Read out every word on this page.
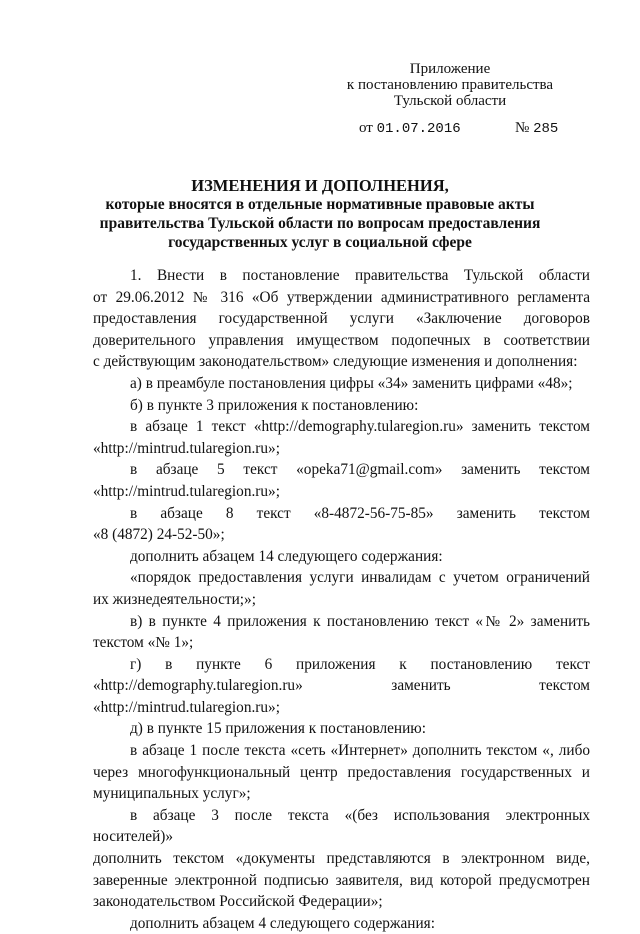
Приложение
к постановлению правительства
Тульской области
от 01.07.2016	№ 285
ИЗМЕНЕНИЯ И ДОПОЛНЕНИЯ,
которые вносятся в отдельные нормативные правовые акты
правительства Тульской области по вопросам предоставления
государственных услуг в социальной сфере

1. Внести в постановление правительства Тульской области

от 29.06.2012 № 316 «Об утверждении административного регламента

предоставления государственной услуги «Заключение договоров

доверительного управления имуществом подопечных в соответствии

с действующим законодательством» следующие изменения и дополнения:

а) в преамбуле постановления цифры «34» заменить цифрами «48»;

б) в пункте 3 приложения к постановлению:

в абзаце 1 текст «http://demography.tularegion.ru» заменить текстом

«http://mintrud.tularegion.ru»;

в абзаце 5 текст «opeka71@gmail.com» заменить текстом

«http://mintrud.tularegion.ru»;

в абзаце 8 текст «8-4872-56-75-85» заменить текстом

«8 (4872) 24-52-50»;

дополнить абзацем 14 следующего содержания:

«порядок предоставления услуги инвалидам с учетом ограничений

их жизнедеятельности;»;

в) в пункте 4 приложения к постановлению текст «№ 2» заменить

текстом «№ 1»;

г) в пункте 6 приложения к постановлению текст

«http://demography.tularegion.ru» заменить текстом

«http://mintrud.tularegion.ru»;

д) в пункте 15 приложения к постановлению:

в абзаце 1 после текста «сеть «Интернет» дополнить текстом «, либо

через многофункциональный центр предоставления государственных и

муниципальных услуг»;

в абзаце 3 после текста «(без использования электронных носителей)»

дополнить текстом «документы представляются в электронном виде,

заверенные электронной подписью заявителя, вид которой предусмотрен

законодательством Российской Федерации»;

дополнить абзацем 4 следующего содержания:
